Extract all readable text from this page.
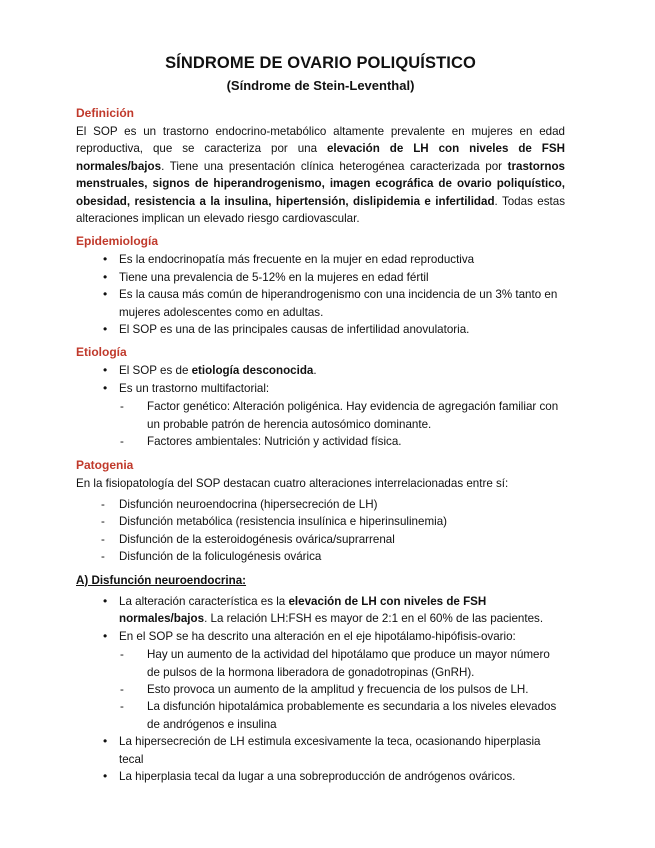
SÍNDROME DE OVARIO POLIQUÍSTICO
(Síndrome de Stein-Leventhal)
Definición

El SOP es un trastorno endocrino-metabólico altamente prevalente en mujeres en edad reproductiva, que se caracteriza por una elevación de LH con niveles de FSH normales/bajos. Tiene una presentación clínica heterogénea caracterizada por trastornos menstruales, signos de hiperandrogenismo, imagen ecográfica de ovario poliquístico, obesidad, resistencia a la insulina, hipertensión, dislipidemia e infertilidad. Todas estas alteraciones implican un elevado riesgo cardiovascular.

Epidemiología
• Es la endocrinopatía más frecuente en la mujer en edad reproductiva
• Tiene una prevalencia de 5-12% en la mujeres en edad fértil
• Es la causa más común de hiperandrogenismo con una incidencia de un 3% tanto en mujeres adolescentes como en adultas.
• El SOP es una de las principales causas de infertilidad anovulatoria.
Etiología
• El SOP es de etiología desconocida.
• Es un trastorno multifactorial:
- Factor genético: Alteración poligénica. Hay evidencia de agregación familiar con un probable patrón de herencia autosómico dominante.
- Factores ambientales: Nutrición y actividad física.
Patogenia

En la fisiopatología del SOP destacan cuatro alteraciones interrelacionadas entre sí:

- Disfunción neuroendocrina (hipersecreción de LH)
- Disfunción metabólica (resistencia insulínica e hiperinsulinemia)
- Disfunción de la esteroidogénesis ovárica/suprarrenal
- Disfunción de la foliculogénesis ovárica
A) Disfunción neuroendocrina:
• La alteración característica es la elevación de LH con niveles de FSH normales/bajos. La relación LH:FSH es mayor de 2:1 en el 60% de las pacientes.
• En el SOP se ha descrito una alteración en el eje hipotálamo-hipófisis-ovario:
- Hay un aumento de la actividad del hipotálamo que produce un mayor número de pulsos de la hormona liberadora de gonadotropinas (GnRH).
- Esto provoca un aumento de la amplitud y frecuencia de los pulsos de LH.
- La disfunción hipotalámica probablemente es secundaria a los niveles elevados de andrógenos e insulina
• La hipersecreción de LH estimula excesivamente la teca, ocasionando hiperplasia tecal
• La hiperplasia tecal da lugar a una sobreproducción de andrógenos ováricos.
